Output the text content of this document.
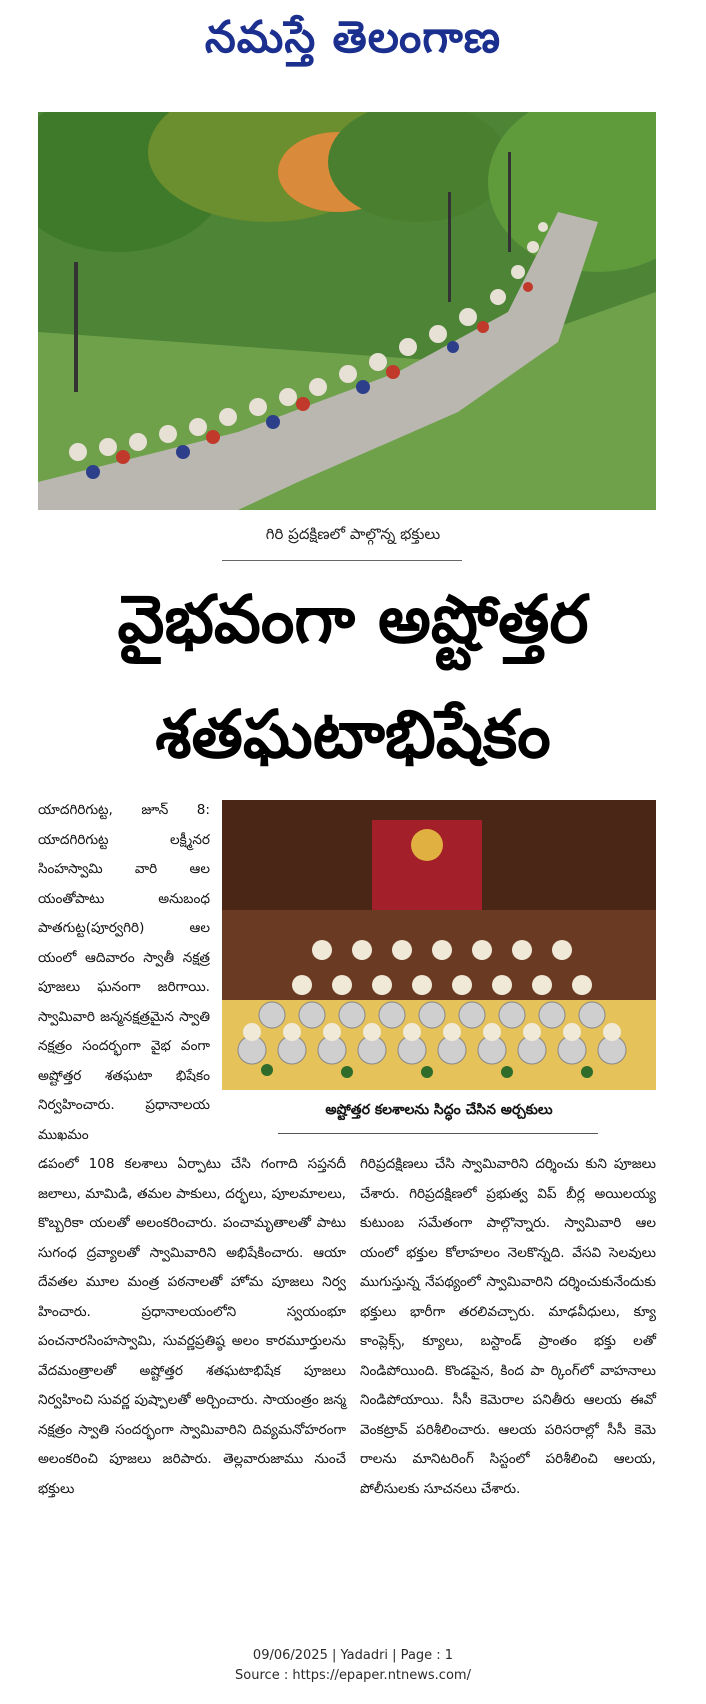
నమస్తే తెలంగాణ
గిరి ప్రదక్షిణలో పాల్గొన్న భక్తులు
వైభవంగా అష్టోత్తర
శతఘటాభిషేకం
యాదగిరిగుట్ట, జూన్ 8: యాదగిరిగుట్ట లక్ష్మీనర సింహస్వామి వారి ఆల యంతోపాటు అనుబంధ పాతగుట్ట(పూర్వగిరి) ఆల యంలో ఆదివారం స్వాతీ నక్షత్ర పూజలు ఘనంగా జరిగాయి. స్వామివారి జన్మనక్షత్రమైన స్వాతి నక్షత్రం సందర్భంగా వైభ వంగా అష్టోత్తర శతఘటా భిషేకం నిర్వహించారు. ప్రధానాలయ ముఖమం
అష్టోత్తర కలశాలను సిద్ధం చేసిన అర్చకులు
డపంలో 108 కలశాలు ఏర్పాటు చేసి గంగాది సప్తనదీ జలాలు, మామిడి, తమల పాకులు, దర్భలు, పూలమాలలు, కొబ్బరికా యలతో అలంకరించారు. పంచామృతాలతో పాటు సుగంధ ద్రవ్యాలతో స్వామివారిని అభిషేకించారు. ఆయా దేవతల మూల మంత్ర పఠనాలతో హోమ పూజలు నిర్వ హించారు. ప్రధానాలయంలోని స్వయంభూ పంచనారసింహస్వామి, సువర్ణప్రతిష్ఠ అలం కారమూర్తులను వేదమంత్రాలతో అష్టోత్తర శతఘటాభిషేక పూజలు నిర్వహించి సువర్ణ పుష్పాలతో అర్చించారు. సాయంత్రం జన్మ నక్షత్రం స్వాతి సందర్భంగా స్వామివారిని దివ్యమనోహరంగా అలంకరించి పూజలు జరిపారు. తెల్లవారుజాము నుంచే భక్తులు
గిరిప్రదక్షిణలు చేసి స్వామివారిని దర్శించు కుని పూజలు చేశారు. గిరిప్రదక్షిణలో ప్రభుత్వ విప్ బీర్ల అయిలయ్య కుటుంబ సమేతంగా పాల్గొన్నారు. స్వామివారి ఆల యంలో భక్తుల కోలాహలం నెలకొన్నది. వేసవి సెలవులు ముగుస్తున్న నేపథ్యంలో స్వామివారిని దర్శించుకునేందుకు భక్తులు భారీగా తరలివచ్చారు. మాఢవీధులు, క్యూ కాంప్లెక్స్, క్యూలు, బస్టాండ్ ప్రాంతం భక్తు లతో నిండిపోయింది. కొండపైన, కింద పా ర్కింగ్‌లో వాహనాలు నిండిపోయాయి. సీసీ కెమెరాల పనితీరు ఆలయ ఈవో వెంకట్రావ్ పరిశీలించారు. ఆలయ పరిసరాల్లో సీసీ కెమె రాలను మానిటరింగ్ సిస్టంలో పరిశీలించి ఆలయ, పోలీసులకు సూచనలు చేశారు.
09/06/2025 | Yadadri | Page : 1
Source : https://epaper.ntnews.com/
